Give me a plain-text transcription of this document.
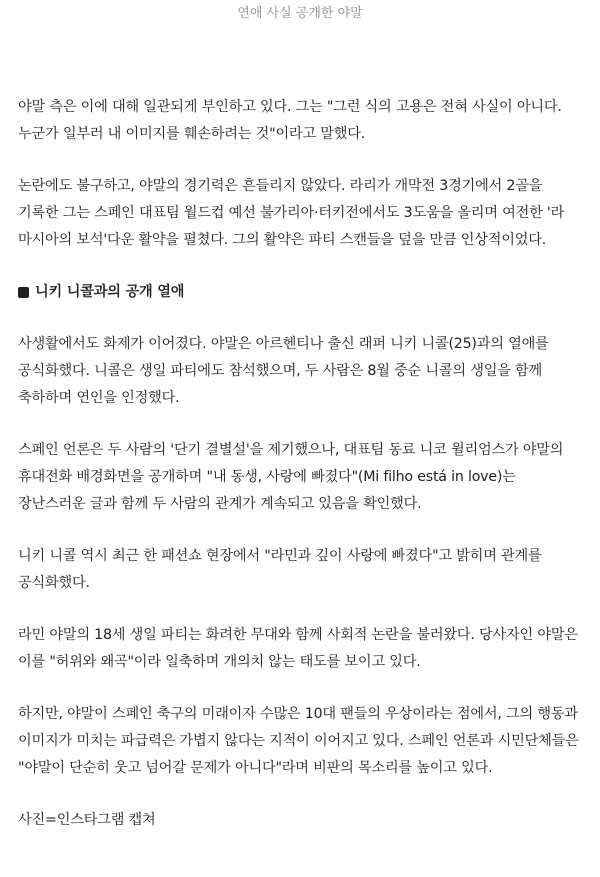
연애 사실 공개한 야말

야말 측은 이에 대해 일관되게 부인하고 있다. 그는 "그런 식의 고용은 전혀 사실이 아니다. 누군가 일부러 내 이미지를 훼손하려는 것"이라고 말했다.

논란에도 불구하고, 야말의 경기력은 흔들리지 않았다. 라리가 개막전 3경기에서 2골을 기록한 그는 스페인 대표팀 월드컵 예선 불가리아·터키전에서도 3도움을 올리며 여전한 '라 마시아의 보석'다운 활약을 펼쳤다. 그의 활약은 파티 스캔들을 덮을 만큼 인상적이었다.

니키 니콜과의 공개 열애

사생활에서도 화제가 이어졌다. 야말은 아르헨티나 출신 래퍼 니키 니콜(25)과의 열애를 공식화했다. 니콜은 생일 파티에도 참석했으며, 두 사람은 8월 중순 니콜의 생일을 함께 축하하며 연인을 인정했다.

스페인 언론은 두 사람의 '단기 결별설'을 제기했으나, 대표팀 동료 니코 윌리엄스가 야말의 휴대전화 배경화면을 공개하며 "내 동생, 사랑에 빠졌다"(Mi filho está in love)는 장난스러운 글과 함께 두 사람의 관계가 계속되고 있음을 확인했다.

니키 니콜 역시 최근 한 패션쇼 현장에서 "라민과 깊이 사랑에 빠졌다"고 밝히며 관계를 공식화했다.

라민 야말의 18세 생일 파티는 화려한 무대와 함께 사회적 논란을 불러왔다. 당사자인 야말은 이를 "허위와 왜곡"이라 일축하며 개의치 않는 태도를 보이고 있다.

하지만, 야말이 스페인 축구의 미래이자 수많은 10대 팬들의 우상이라는 점에서, 그의 행동과 이미지가 미치는 파급력은 가볍지 않다는 지적이 이어지고 있다. 스페인 언론과 시민단체들은 "야말이 단순히 웃고 넘어갈 문제가 아니다"라며 비판의 목소리를 높이고 있다.

사진=인스타그램 캡쳐
